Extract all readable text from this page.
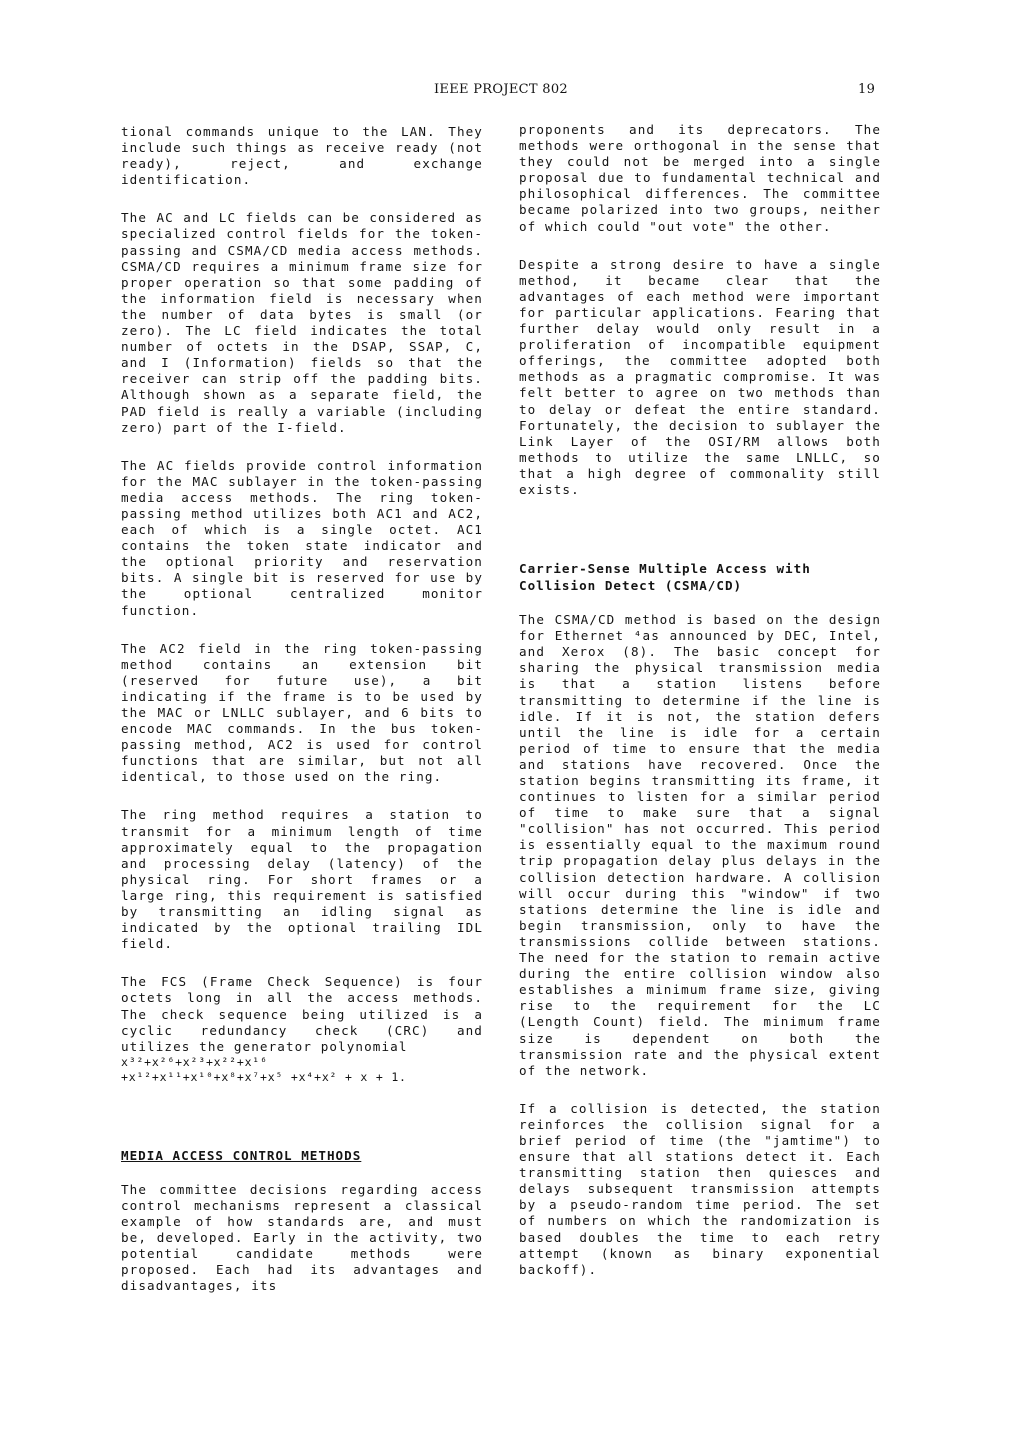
IEEE PROJECT 802	19

tional commands unique to the LAN. They include such things as receive ready (not ready), reject, and exchange identification.

The AC and LC fields can be considered as specialized control fields for the token-passing and CSMA/CD media access methods. CSMA/CD requires a minimum frame size for proper operation so that some padding of the information field is necessary when the number of data bytes is small (or zero). The LC field indicates the total number of octets in the DSAP, SSAP, C, and I (Information) fields so that the receiver can strip off the padding bits. Although shown as a separate field, the PAD field is really a variable (including zero) part of the I-field.

The AC fields provide control information for the MAC sublayer in the token-passing media access methods. The ring token-passing method utilizes both AC1 and AC2, each of which is a single octet. AC1 contains the token state indicator and the optional priority and reservation bits. A single bit is reserved for use by the optional centralized monitor function.

The AC2 field in the ring token-passing method contains an extension bit (reserved for future use), a bit indicating if the frame is to be used by the MAC or LNLLC sublayer, and 6 bits to encode MAC commands. In the bus token-passing method, AC2 is used for control functions that are similar, but not all identical, to those used on the ring.

The ring method requires a station to transmit for a minimum length of time approximately equal to the propagation and processing delay (latency) of the physical ring. For short frames or a large ring, this requirement is satisfied by transmitting an idling signal as indicated by the optional trailing IDL field.

The FCS (Frame Check Sequence) is four octets long in all the access methods. The check sequence being utilized is a cyclic redundancy check (CRC) and utilizes the generator polynomial

x³²+x²⁶+x²³+x²²+x¹⁶
+x¹²+x¹¹+x¹⁰+x⁸+x⁷+x⁵ +x⁴+x² + x + 1.
MEDIA ACCESS CONTROL METHODS

The committee decisions regarding access control mechanisms represent a classical example of how standards are, and must be, developed. Early in the activity, two potential candidate methods were proposed. Each had its advantages and disadvantages, its

proponents and its deprecators. The methods were orthogonal in the sense that they could not be merged into a single proposal due to fundamental technical and philosophical differences. The committee became polarized into two groups, neither of which could "out vote" the other.

Despite a strong desire to have a single method, it became clear that the advantages of each method were important for particular applications. Fearing that further delay would only result in a proliferation of incompatible equipment offerings, the committee adopted both methods as a pragmatic compromise. It was felt better to agree on two methods than to delay or defeat the entire standard. Fortunately, the decision to sublayer the Link Layer of the OSI/RM allows both methods to utilize the same LNLLC, so that a high degree of commonality still exists.

Carrier-Sense Multiple Access with Collision Detect (CSMA/CD)

The CSMA/CD method is based on the design for Ethernet ⁴as announced by DEC, Intel, and Xerox (8). The basic concept for sharing the physical transmission media is that a station listens before transmitting to determine if the line is idle. If it is not, the station defers until the line is idle for a certain period of time to ensure that the media and stations have recovered. Once the station begins transmitting its frame, it continues to listen for a similar period of time to make sure that a signal "collision" has not occurred. This period is essentially equal to the maximum round trip propagation delay plus delays in the collision detection hardware. A collision will occur during this "window" if two stations determine the line is idle and begin transmission, only to have the transmissions collide between stations. The need for the station to remain active during the entire collision window also establishes a minimum frame size, giving rise to the requirement for the LC (Length Count) field. The minimum frame size is dependent on both the transmission rate and the physical extent of the network.

If a collision is detected, the station reinforces the collision signal for a brief period of time (the "jamtime") to ensure that all stations detect it. Each transmitting station then quiesces and delays subsequent transmission attempts by a pseudo-random time period. The set of numbers on which the randomization is based doubles the time to each retry attempt (known as binary exponential backoff).
